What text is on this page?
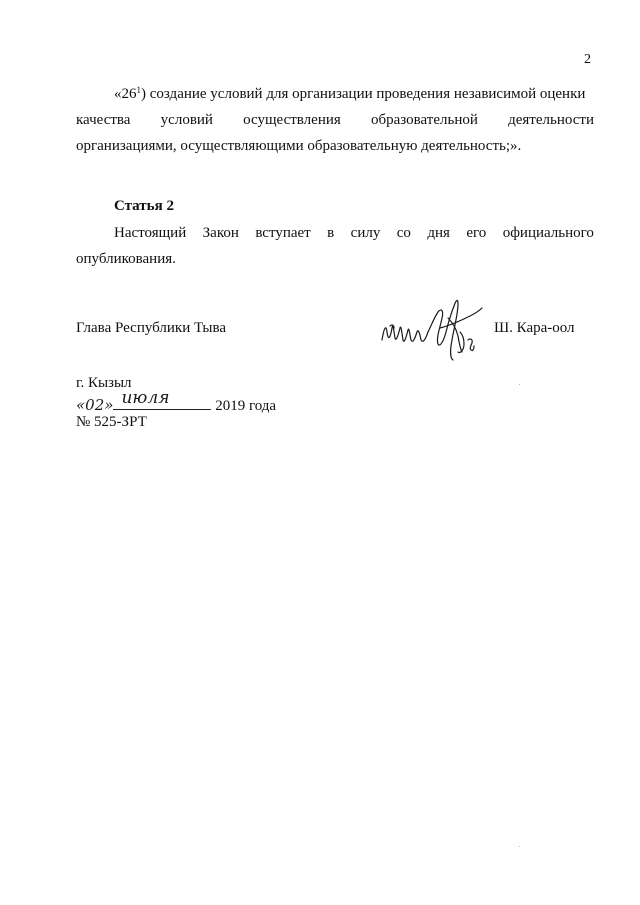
2
«$26^1$) создание условий для организации проведения независимой оценки
качества условий осуществления образовательной деятельности
организациями, осуществляющими образовательную деятельность;».
Статья 2
Настоящий Закон вступает в силу со дня его официального
опубликования.
Глава Республики Тыва	Ш. Кара-оол
г. Кызыл
«02» июля	2019 года
№ 525-ЗРТ
